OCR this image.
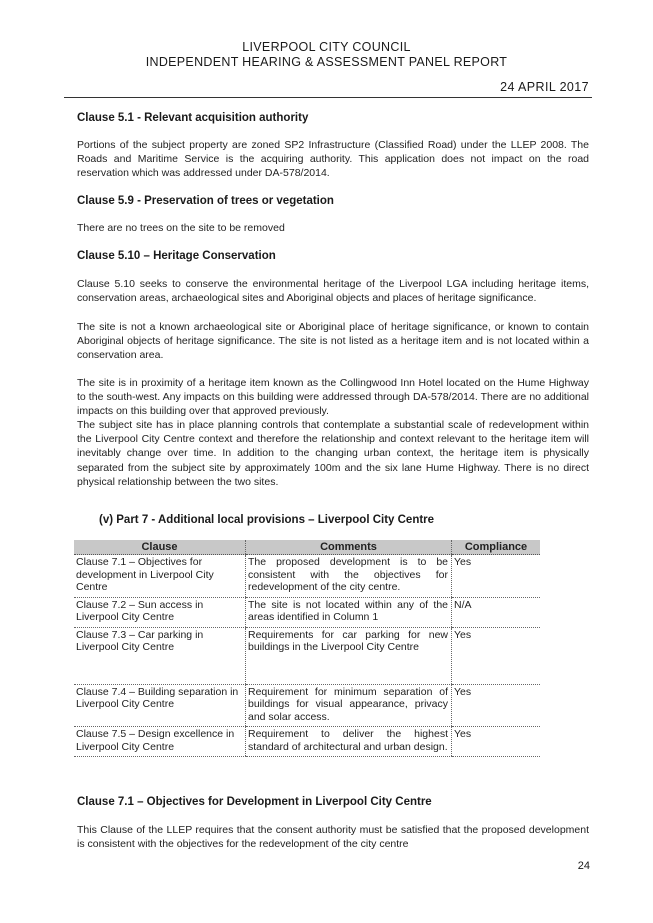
LIVERPOOL CITY COUNCIL
INDEPENDENT HEARING & ASSESSMENT PANEL REPORT
24 APRIL 2017
Clause 5.1 - Relevant acquisition authority
Portions of the subject property are zoned SP2 Infrastructure (Classified Road) under the LLEP 2008. The Roads and Maritime Service is the acquiring authority. This application does not impact on the road reservation which was addressed under DA-578/2014.
Clause 5.9 - Preservation of trees or vegetation
There are no trees on the site to be removed
Clause 5.10 – Heritage Conservation
Clause 5.10 seeks to conserve the environmental heritage of the Liverpool LGA including heritage items, conservation areas, archaeological sites and Aboriginal objects and places of heritage significance.
The site is not a known archaeological site or Aboriginal place of heritage significance, or known to contain Aboriginal objects of heritage significance. The site is not listed as a heritage item and is not located within a conservation area.
The site is in proximity of a heritage item known as the Collingwood Inn Hotel located on the Hume Highway to the south-west. Any impacts on this building were addressed through DA-578/2014. There are no additional impacts on this building over that approved previously.
The subject site has in place planning controls that contemplate a substantial scale of redevelopment within the Liverpool City Centre context and therefore the relationship and context relevant to the heritage item will inevitably change over time. In addition to the changing urban context, the heritage item is physically separated from the subject site by approximately 100m and the six lane Hume Highway. There is no direct physical relationship between the two sites.
(v) Part 7 - Additional local provisions – Liverpool City Centre
Clause	Comments	Compliance
Clause 7.1 – Objectives for development in Liverpool City Centre	The proposed development is to be consistent with the objectives for redevelopment of the city centre.	Yes
Clause 7.2 – Sun access in Liverpool City Centre	The site is not located within any of the areas identified in Column 1	N/A
Clause 7.3 – Car parking in Liverpool City Centre	Requirements for car parking for new buildings in the Liverpool City Centre	Yes
Clause 7.4 – Building separation in Liverpool City Centre	Requirement for minimum separation of buildings for visual appearance, privacy and solar access.	Yes
Clause 7.5 – Design excellence in Liverpool City Centre	Requirement to deliver the highest standard of architectural and urban design.	Yes
Clause 7.1 – Objectives for Development in Liverpool City Centre
This Clause of the LLEP requires that the consent authority must be satisfied that the proposed development is consistent with the objectives for the redevelopment of the city centre
24
